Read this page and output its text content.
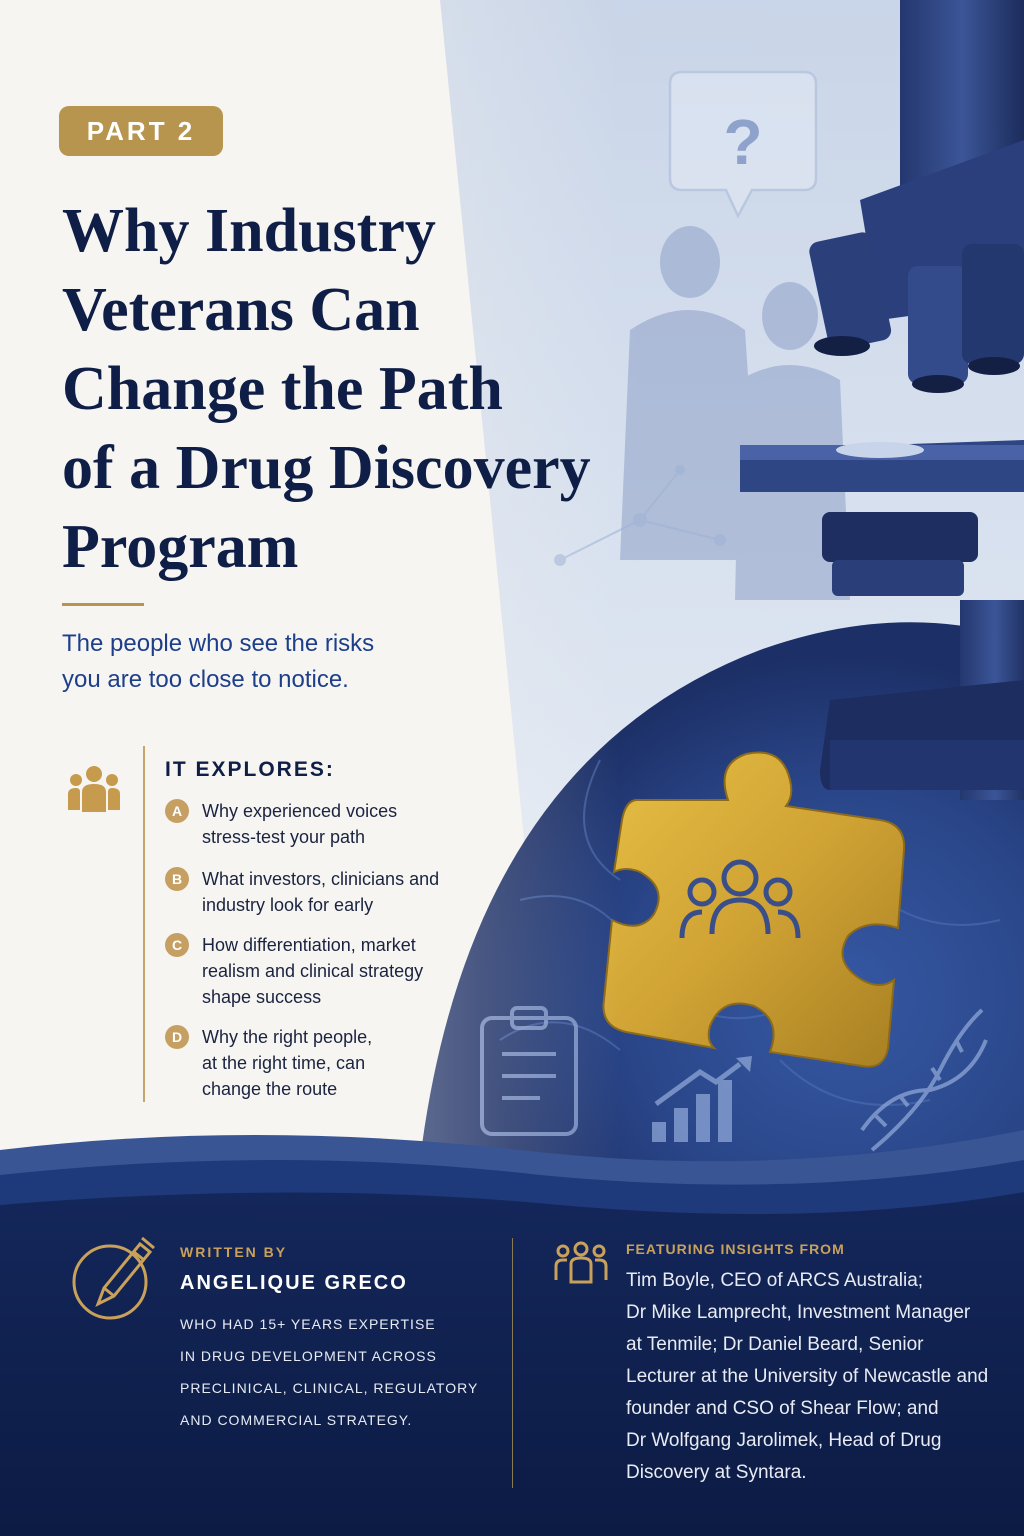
?
PART 2
Why Industry
Veterans Can
Change the Path
of a Drug Discovery
Program
The people who see the risks
you are too close to notice.
IT EXPLORES:
A	Why experienced voices
stress-test your path
B	What investors, clinicians and
industry look for early
C	How differentiation, market
realism and clinical strategy
shape success
D	Why the right people,
at the right time, can
change the route
WRITTEN BY
ANGELIQUE GRECO
WHO HAD 15+ YEARS EXPERTISE
IN DRUG DEVELOPMENT ACROSS
PRECLINICAL, CLINICAL, REGULATORY
AND COMMERCIAL STRATEGY.
FEATURING INSIGHTS FROM
Tim Boyle, CEO of ARCS Australia;
Dr Mike Lamprecht, Investment Manager
at Tenmile; Dr Daniel Beard, Senior
Lecturer at the University of Newcastle and
founder and CSO of Shear Flow; and
Dr Wolfgang Jarolimek, Head of Drug
Discovery at Syntara.
